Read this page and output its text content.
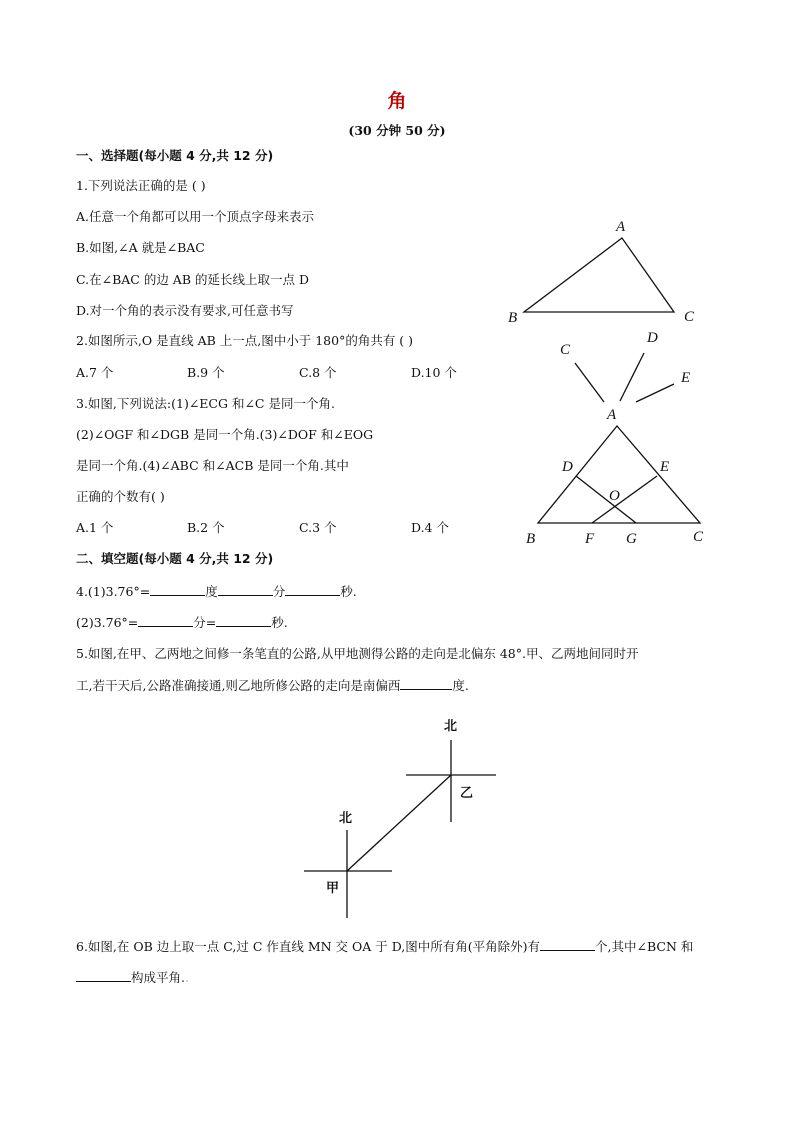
角
(30 分钟 50 分)
一、选择题(每小题 4 分,共 12 分)
1.下列说法正确的是 ( )
A.任意一个角都可以用一个顶点字母来表示
B.如图,∠A 就是∠BAC
C.在∠BAC 的边 AB 的延长线上取一点 D
D.对一个角的表示没有要求,可任意书写
2.如图所示,O 是直线 AB 上一点,图中小于 180°的角共有 ( )
A.7 个	B.9 个	C.8 个	D.10 个
3.如图,下列说法:(1)∠ECG 和∠C 是同一个角.
(2)∠OGF 和∠DGB 是同一个角.(3)∠DOF 和∠EOG
是同一个角.(4)∠ABC 和∠ACB 是同一个角.其中
正确的个数有( )
A.1 个	B.2 个	C.3 个	D.4 个
二、填空题(每小题 4 分,共 12 分)
4.(1)3.76°=	度	分	秒.
(2)3.76°=	分=	秒.
5.如图,在甲、乙两地之间修一条笔直的公路,从甲地测得公路的走向是北偏东 48°.甲、乙两地间同时开
工,若干天后,公路准确接通,则乙地所修公路的走向是南偏西	度.
6.如图,在 OB 边上取一点 C,过 C 作直线 MN 交 OA 于 D,图中所有角(平角除外)有	个,其中∠BCN 和
构成平角..
A
B	C
C
D
E
A
D	E
O
B	F G	C
北
乙
北
甲
